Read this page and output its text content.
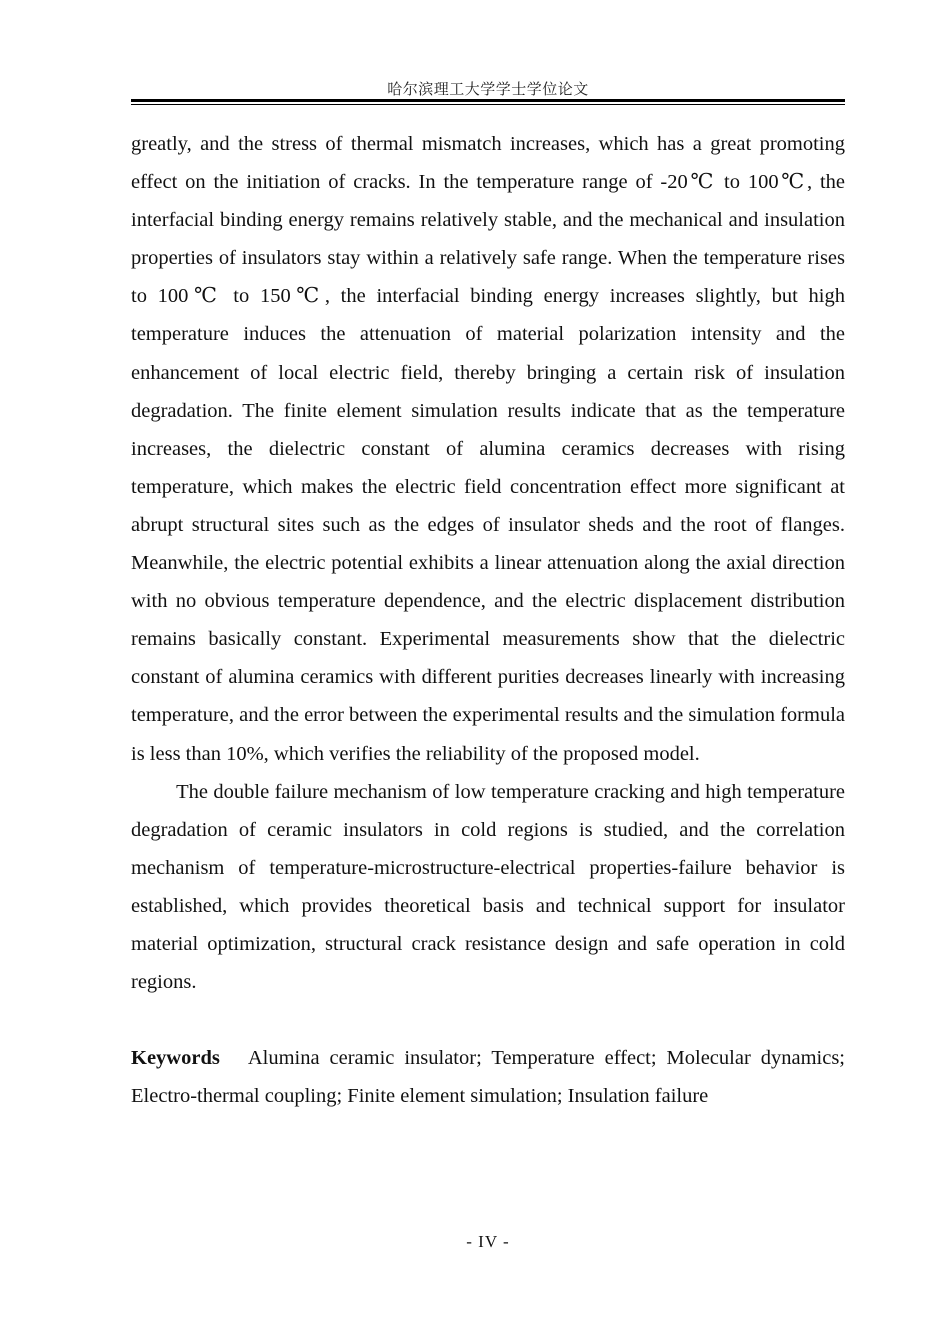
哈尔滨理工大学学士学位论文

greatly, and the stress of thermal mismatch increases, which has a great promoting effect on the initiation of cracks. In the temperature range of -20℃ to 100℃, the interfacial binding energy remains relatively stable, and the mechanical and insulation properties of insulators stay within a relatively safe range. When the temperature rises to 100℃ to 150℃, the interfacial binding energy increases slightly, but high temperature induces the attenuation of material polarization intensity and the enhancement of local electric field, thereby bringing a certain risk of insulation degradation. The finite element simulation results indicate that as the temperature increases, the dielectric constant of alumina ceramics decreases with rising temperature, which makes the electric field concentration effect more significant at abrupt structural sites such as the edges of insulator sheds and the root of flanges. Meanwhile, the electric potential exhibits a linear attenuation along the axial direction with no obvious temperature dependence, and the electric displacement distribution remains basically constant. Experimental measurements show that the dielectric constant of alumina ceramics with different purities decreases linearly with increasing temperature, and the error between the experimental results and the simulation formula is less than 10%, which verifies the reliability of the proposed model.

The double failure mechanism of low temperature cracking and high temperature degradation of ceramic insulators in cold regions is studied, and the correlation mechanism of temperature-microstructure-electrical properties-failure behavior is established, which provides theoretical basis and technical support for insulator material optimization, structural crack resistance design and safe operation in cold regions.

Keywords Alumina ceramic insulator; Temperature effect; Molecular dynamics; Electro-thermal coupling; Finite element simulation; Insulation failure

- IV -
